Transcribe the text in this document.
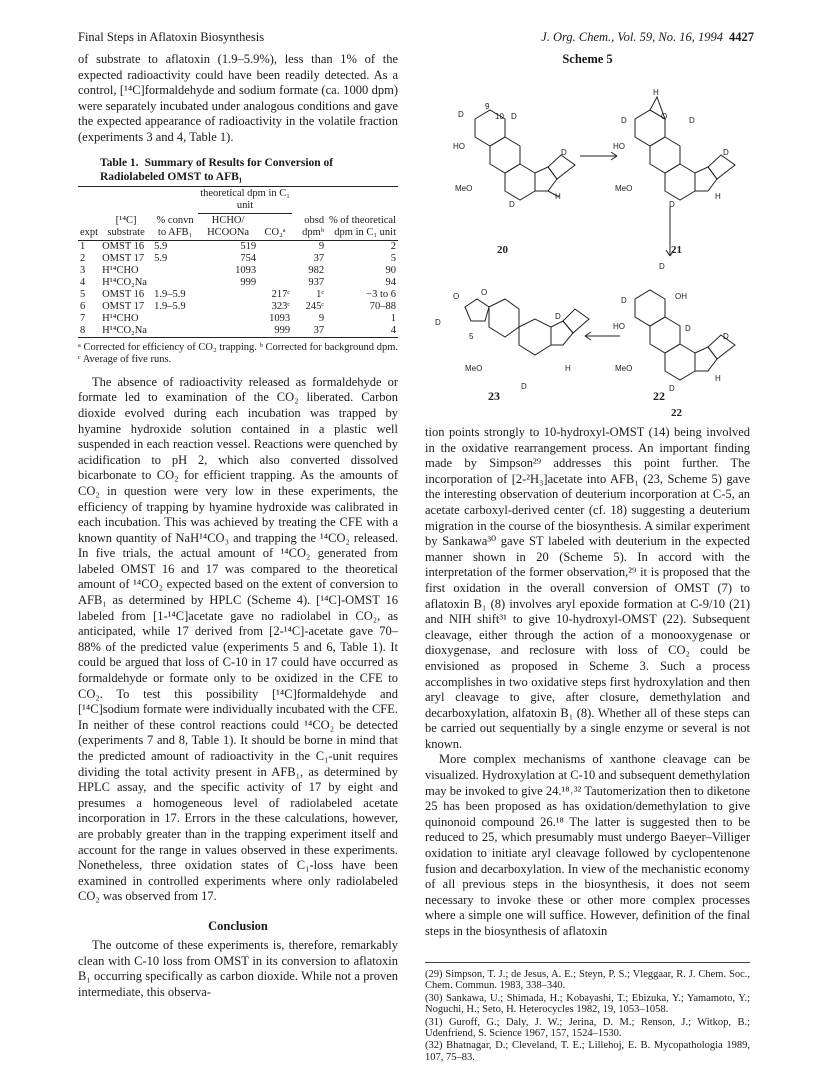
Final Steps in Aflatoxin Biosynthesis	J. Org. Chem., Vol. 59, No. 16, 1994 4427

of substrate to aflatoxin (1.9–5.9%), less than 1% of the expected radioactivity could have been readily detected. As a control, [¹⁴C]formaldehyde and sodium formate (ca. 1000 dpm) were separately incubated under analogous conditions and gave the expected appearance of radioactivity in the volatile fraction (experiments 3 and 4, Table 1).

Table 1. Summary of Results for Conversion of Radiolabeled OMST to AFB₁
			theoretical dpm in C₁ unit			
expt	[¹⁴C] substrate	% convn to AFB₁	HCHO/ HCOONa	CO₂ᵃ	obsd dpmᵇ	% of theoretical dpm in C₁ unit
1	OMST 16	5.9	519		9	2
2	OMST 17	5.9	754		37	5
3	H¹⁴CHO		1093		982	90
4	H¹⁴CO₂Na		999		937	94
5	OMST 16	1.9–5.9		217ᶜ	1ᶜ	−3 to 6
6	OMST 17	1.9–5.9		323ᶜ	245ᶜ	70–88
7	H¹⁴CHO			1093	9	1
8	H¹⁴CO₂Na			999	37	4

ᵃ Corrected for efficiency of CO₂ trapping. ᵇ Corrected for background dpm. ᶜ Average of five runs.

The absence of radioactivity released as formaldehyde or formate led to examination of the CO₂ liberated. Carbon dioxide evolved during each incubation was trapped by hyamine hydroxide solution contained in a plastic well suspended in each reaction vessel. Reactions were quenched by acidification to pH 2, which also converted dissolved bicarbonate to CO₂ for efficient trapping. As the amounts of CO₂ in question were very low in these experiments, the efficiency of trapping by hyamine hydroxide was calibrated in each incubation. This was achieved by treating the CFE with a known quantity of NaH¹⁴CO₃ and trapping the ¹⁴CO₂ released. In five trials, the actual amount of ¹⁴CO₂ generated from labeled OMST 16 and 17 was compared to the theoretical amount of ¹⁴CO₂ expected based on the extent of conversion to AFB₁ as determined by HPLC (Scheme 4). [¹⁴C]-OMST 16 labeled from [1-¹⁴C]acetate gave no radiolabel in CO₂, as anticipated, while 17 derived from [2-¹⁴C]-acetate gave 70–88% of the predicted value (experiments 5 and 6, Table 1). It could be argued that loss of C-10 in 17 could have occurred as formaldehyde or formate only to be oxidized in the CFE to CO₂. To test this possibility [¹⁴C]formaldehyde and [¹⁴C]sodium formate were individually incubated with the CFE. In neither of these control reactions could ¹⁴CO₂ be detected (experiments 7 and 8, Table 1). It should be borne in mind that the predicted amount of radioactivity in the C₁-unit requires dividing the total activity present in AFB₁, as determined by HPLC assay, and the specific activity of 17 by eight and presumes a homogeneous level of radiolabeled acetate incorporation in 17. Errors in the these calculations, however, are probably greater than in the trapping experiment itself and account for the range in values observed in these experiments. Nonetheless, three oxidation states of C₁-loss have been examined in controlled experiments where only radiolabeled CO₂ was observed from 17.

Conclusion

The outcome of these experiments is, therefore, remarkably clean with C-10 loss from OMST in its conversion to aflatoxin B₁ occurring specifically as carbon dioxide. While not a proven intermediate, this observa-

Scheme 5
D
9
10 D
HO
MeO
D
H
D
20
H
D	O	D
HO
MeO
D
H
D
21
D
D	OH
HO	D
MeO
D
H
D
22
O	O
D
5
D
MeO	H
D
23	22

tion points strongly to 10-hydroxyl-OMST (14) being involved in the oxidative rearrangement process. An important finding made by Simpson²⁹ addresses this point further. The incorporation of [2-²H₃]acetate into AFB₁ (23, Scheme 5) gave the interesting observation of deuterium incorporation at C-5, an acetate carboxyl-derived center (cf. 18) suggesting a deuterium migration in the course of the biosynthesis. A similar experiment by Sankawa³⁰ gave ST labeled with deuterium in the expected manner shown in 20 (Scheme 5). In accord with the interpretation of the former observation,²⁹ it is proposed that the first oxidation in the overall conversion of OMST (7) to aflatoxin B₁ (8) involves aryl epoxide formation at C-9/10 (21) and NIH shift³¹ to give 10-hydroxyl-OMST (22). Subsequent cleavage, either through the action of a monooxygenase or dioxygenase, and reclosure with loss of CO₂ could be envisioned as proposed in Scheme 3. Such a process accomplishes in two oxidative steps first hydroxylation and then aryl cleavage to give, after closure, demethylation and decarboxylation, alfatoxin B₁ (8). Whether all of these steps can be carried out sequentially by a single enzyme or several is not known.

More complex mechanisms of xanthone cleavage can be visualized. Hydroxylation at C-10 and subsequent demethylation may be invoked to give 24.¹⁸˒³² Tautomerization then to diketone 25 has been proposed as has oxidation/demethylation to give quinonoid compound 26.¹⁸ The latter is suggested then to be reduced to 25, which presumably must undergo Baeyer–Villiger oxidation to initiate aryl cleavage followed by cyclopentenone fusion and decarboxylation. In view of the mechanistic economy of all previous steps in the biosynthesis, it does not seem necessary to invoke these or other more complex processes where a simple one will suffice. However, definition of the final steps in the biosynthesis of aflatoxin

(29) Simpson, T. J.; de Jesus, A. E.; Steyn, P. S.; Vleggaar, R. J. Chem. Soc., Chem. Commun. 1983, 338–340.

(30) Sankawa, U.; Shimada, H.; Kobayashi, T.; Ebizuka, Y.; Yamamoto, Y.; Noguchi, H.; Seto, H. Heterocycles 1982, 19, 1053–1058.

(31) Guroff, G.; Daly, J. W.; Jerina, D. M.; Renson, J.; Witkop, B.; Udenfriend, S. Science 1967, 157, 1524–1530.

(32) Bhatnagar, D.; Cleveland, T. E.; Lillehoj, E. B. Mycopathologia 1989, 107, 75–83.
